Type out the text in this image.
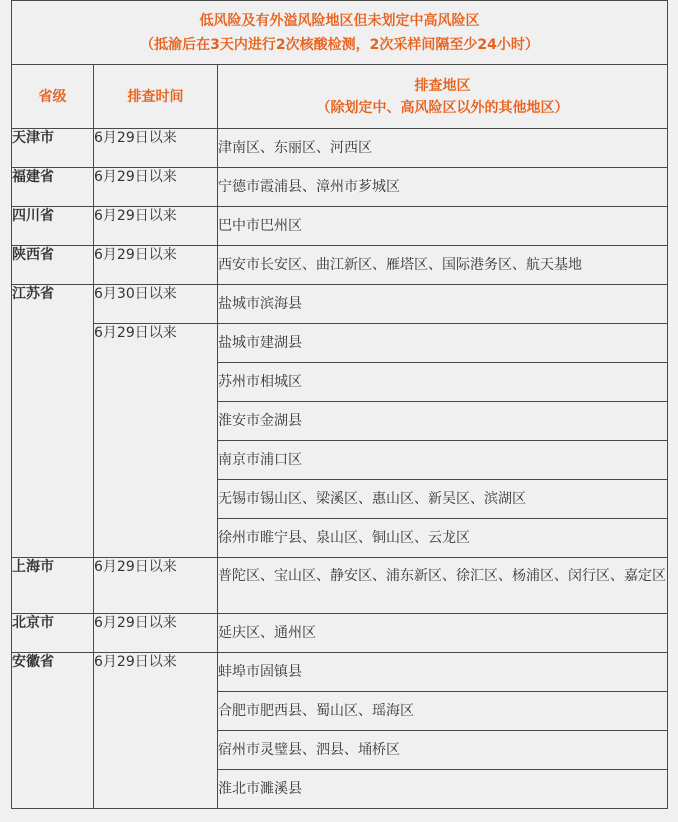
低风险及有外溢风险地区但未划定中高风险区
（抵渝后在3天内进行2次核酸检测，2次采样间隔至少24小时）		

省级	排查时间	排查地区
（除划定中、高风险区以外的其他地区）

天津市	6月29日以来	津南区、东丽区、河西区
福建省	6月29日以来	宁德市霞浦县、漳州市芗城区
四川省	6月29日以来	巴中市巴州区
陕西省	6月29日以来	西安市长安区、曲江新区、雁塔区、国际港务区、航天基地
江苏省	6月30日以来	盐城市滨海县
	6月29日以来	盐城市建湖县
		苏州市相城区
		淮安市金湖县
		南京市浦口区
		无锡市锡山区、梁溪区、惠山区、新吴区、滨湖区
		徐州市睢宁县、泉山区、铜山区、云龙区
上海市	6月29日以来	普陀区、宝山区、静安区、浦东新区、徐汇区、杨浦区、闵行区、嘉定区
北京市	6月29日以来	延庆区、通州区
安徽省	6月29日以来	蚌埠市固镇县
		合肥市肥西县、蜀山区、瑶海区
		宿州市灵璧县、泗县、埇桥区
		淮北市濉溪县
